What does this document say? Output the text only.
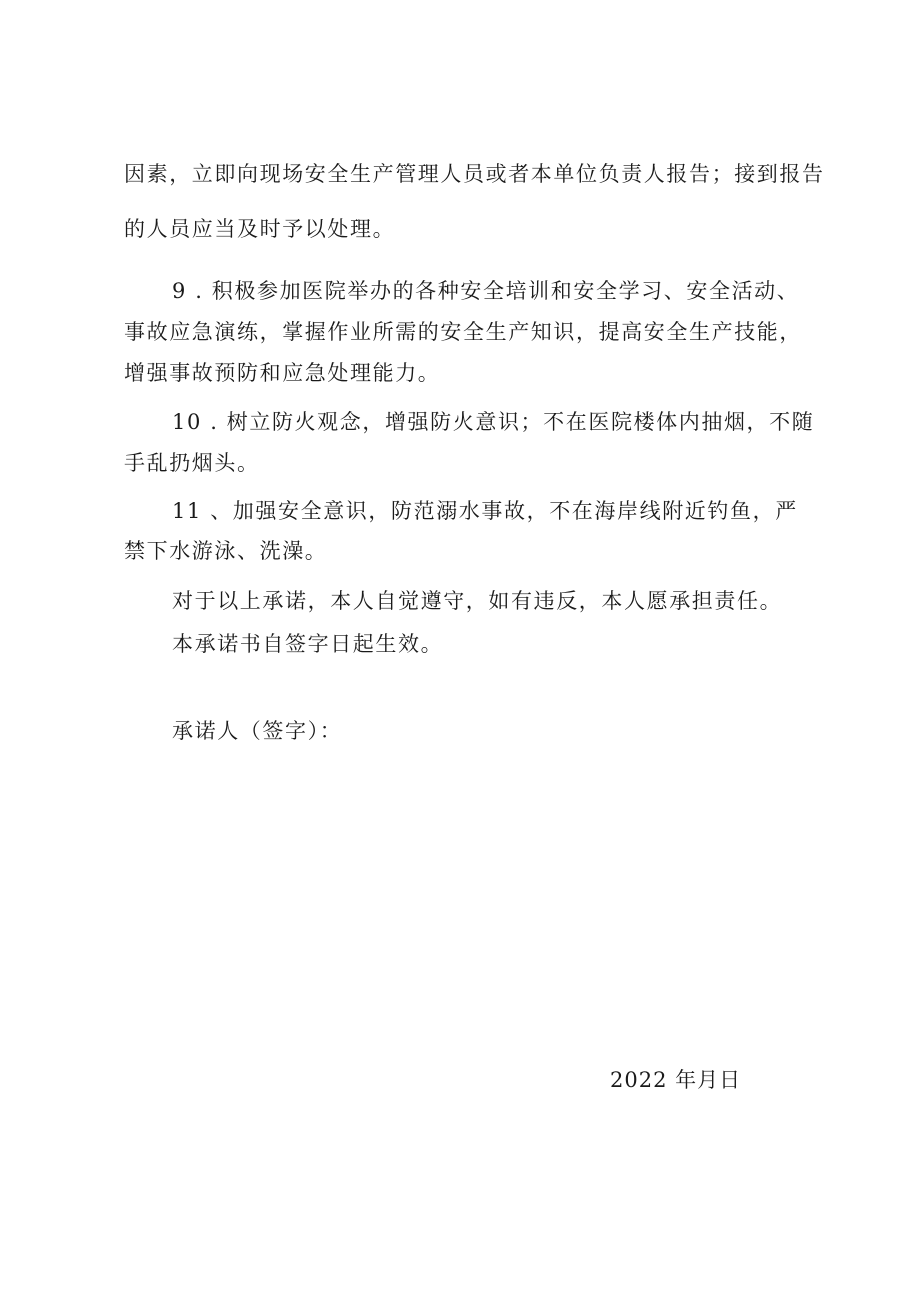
因素，立即向现场安全生产管理人员或者本单位负责人报告；接到报告
的人员应当及时予以处理。
9 . 积极参加医院举办的各种安全培训和安全学习、安全活动、
事故应急演练，掌握作业所需的安全生产知识，提高安全生产技能，
增强事故预防和应急处理能力。
10 . 树立防火观念，增强防火意识；不在医院楼体内抽烟，不随
手乱扔烟头。
11 、加强安全意识，防范溺水事故，不在海岸线附近钓鱼，严
禁下水游泳、洗澡。
对于以上承诺，本人自觉遵守，如有违反，本人愿承担责任。
本承诺书自签字日起生效。
承诺人（签字）：
2022 年月日
